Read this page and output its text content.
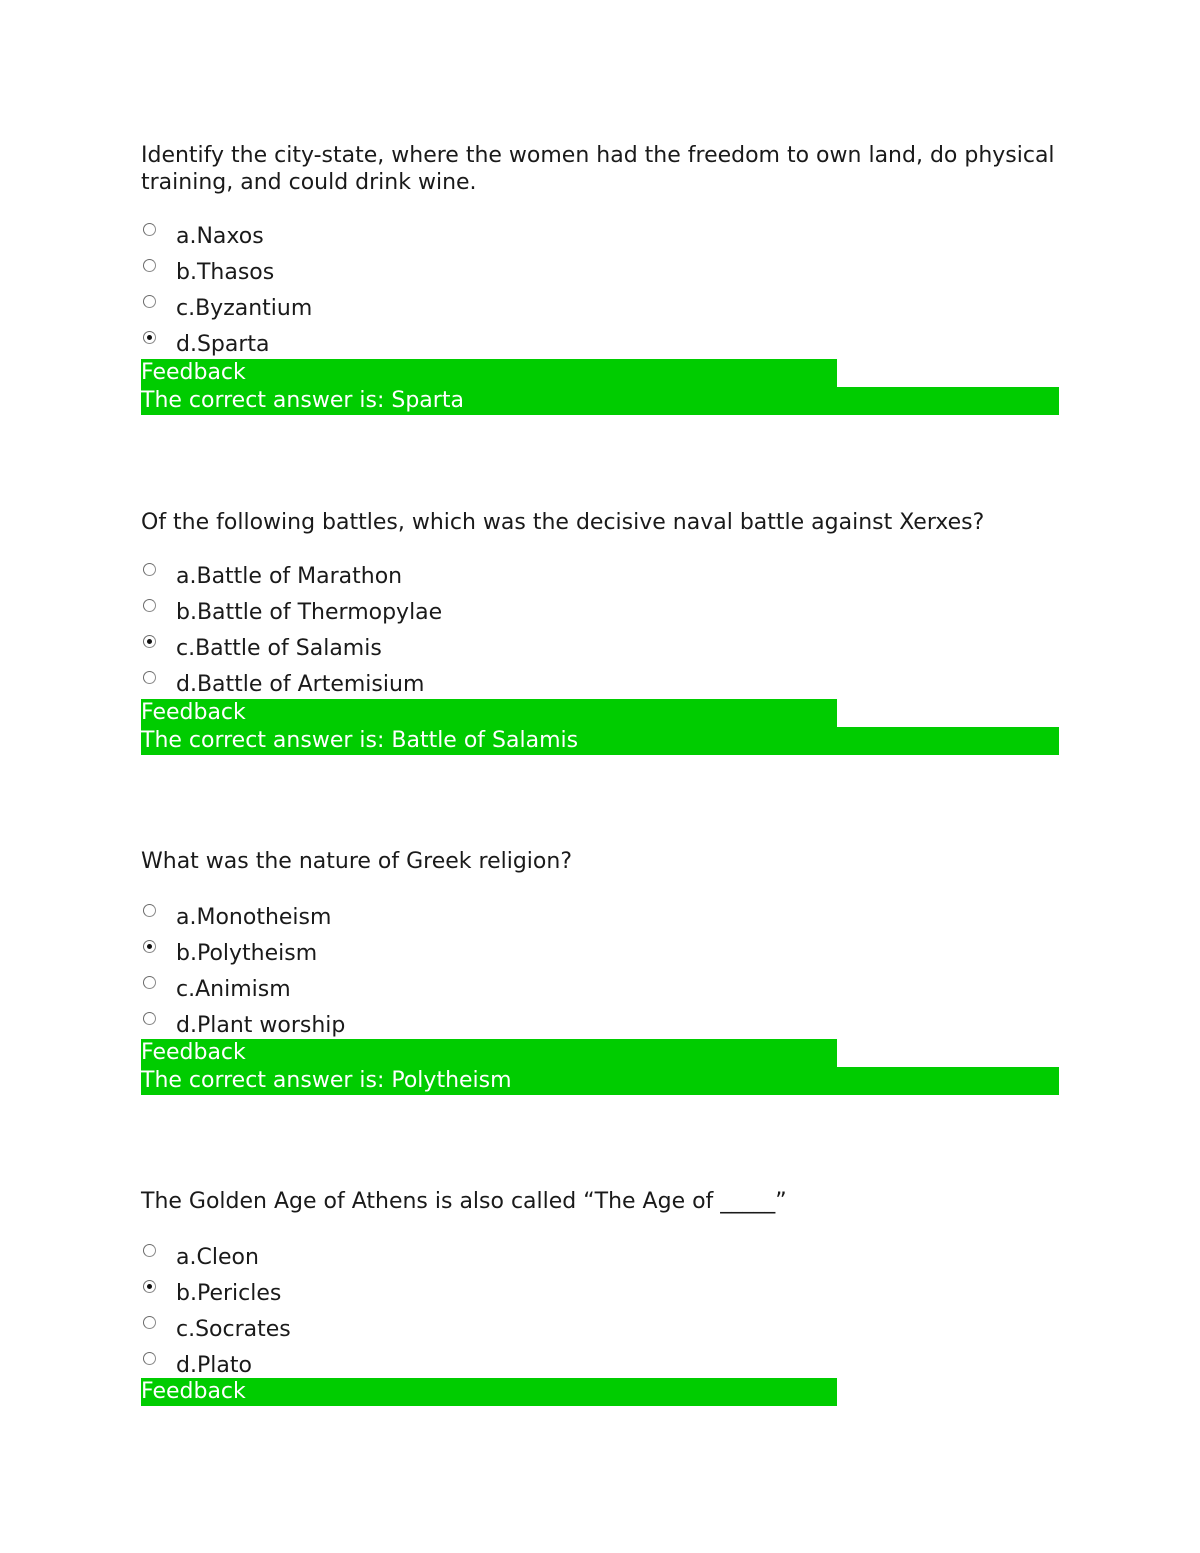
Identify the city-state, where the women had the freedom to own land, do physical training, and could drink wine.

a.Naxos
b.Thasos
c.Byzantium
d.Sparta
Feedback
The correct answer is: Sparta

Of the following battles, which was the decisive naval battle against Xerxes?

a.Battle of Marathon
b.Battle of Thermopylae
c.Battle of Salamis
d.Battle of Artemisium
Feedback
The correct answer is: Battle of Salamis

What was the nature of Greek religion?

a.Monotheism
b.Polytheism
c.Animism
d.Plant worship
Feedback
The correct answer is: Polytheism

The Golden Age of Athens is also called “The Age of _____”

a.Cleon
b.Pericles
c.Socrates
d.Plato
Feedback
